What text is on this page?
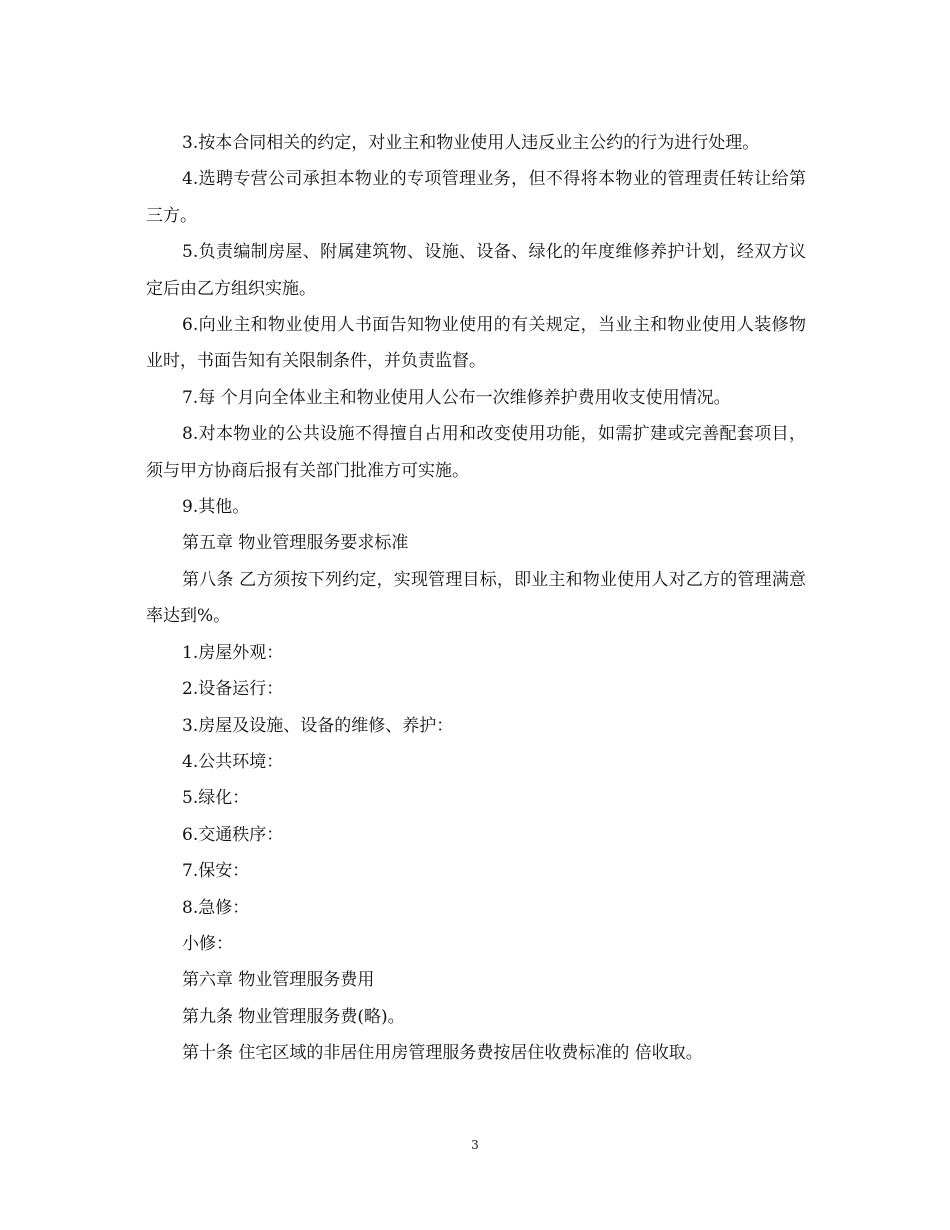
3.按本合同相关的约定，对业主和物业使用人违反业主公约的行为进行处理。

4.选聘专营公司承担本物业的专项管理业务，但不得将本物业的管理责任转让给第三方。

5.负责编制房屋、附属建筑物、设施、设备、绿化的年度维修养护计划，经双方议定后由乙方组织实施。

6.向业主和物业使用人书面告知物业使用的有关规定，当业主和物业使用人装修物业时，书面告知有关限制条件，并负责监督。

7.每 个月向全体业主和物业使用人公布一次维修养护费用收支使用情况。

8.对本物业的公共设施不得擅自占用和改变使用功能，如需扩建或完善配套项目，须与甲方协商后报有关部门批准方可实施。

9.其他。

第五章 物业管理服务要求标准

第八条 乙方须按下列约定，实现管理目标，即业主和物业使用人对乙方的管理满意率达到%。

1.房屋外观：

2.设备运行：

3.房屋及设施、设备的维修、养护：

4.公共环境：

5.绿化：

6.交通秩序：

7.保安：

8.急修：

小修：

第六章 物业管理服务费用

第九条 物业管理服务费(略)。

第十条 住宅区域的非居住用房管理服务费按居住收费标准的 倍收取。

3
